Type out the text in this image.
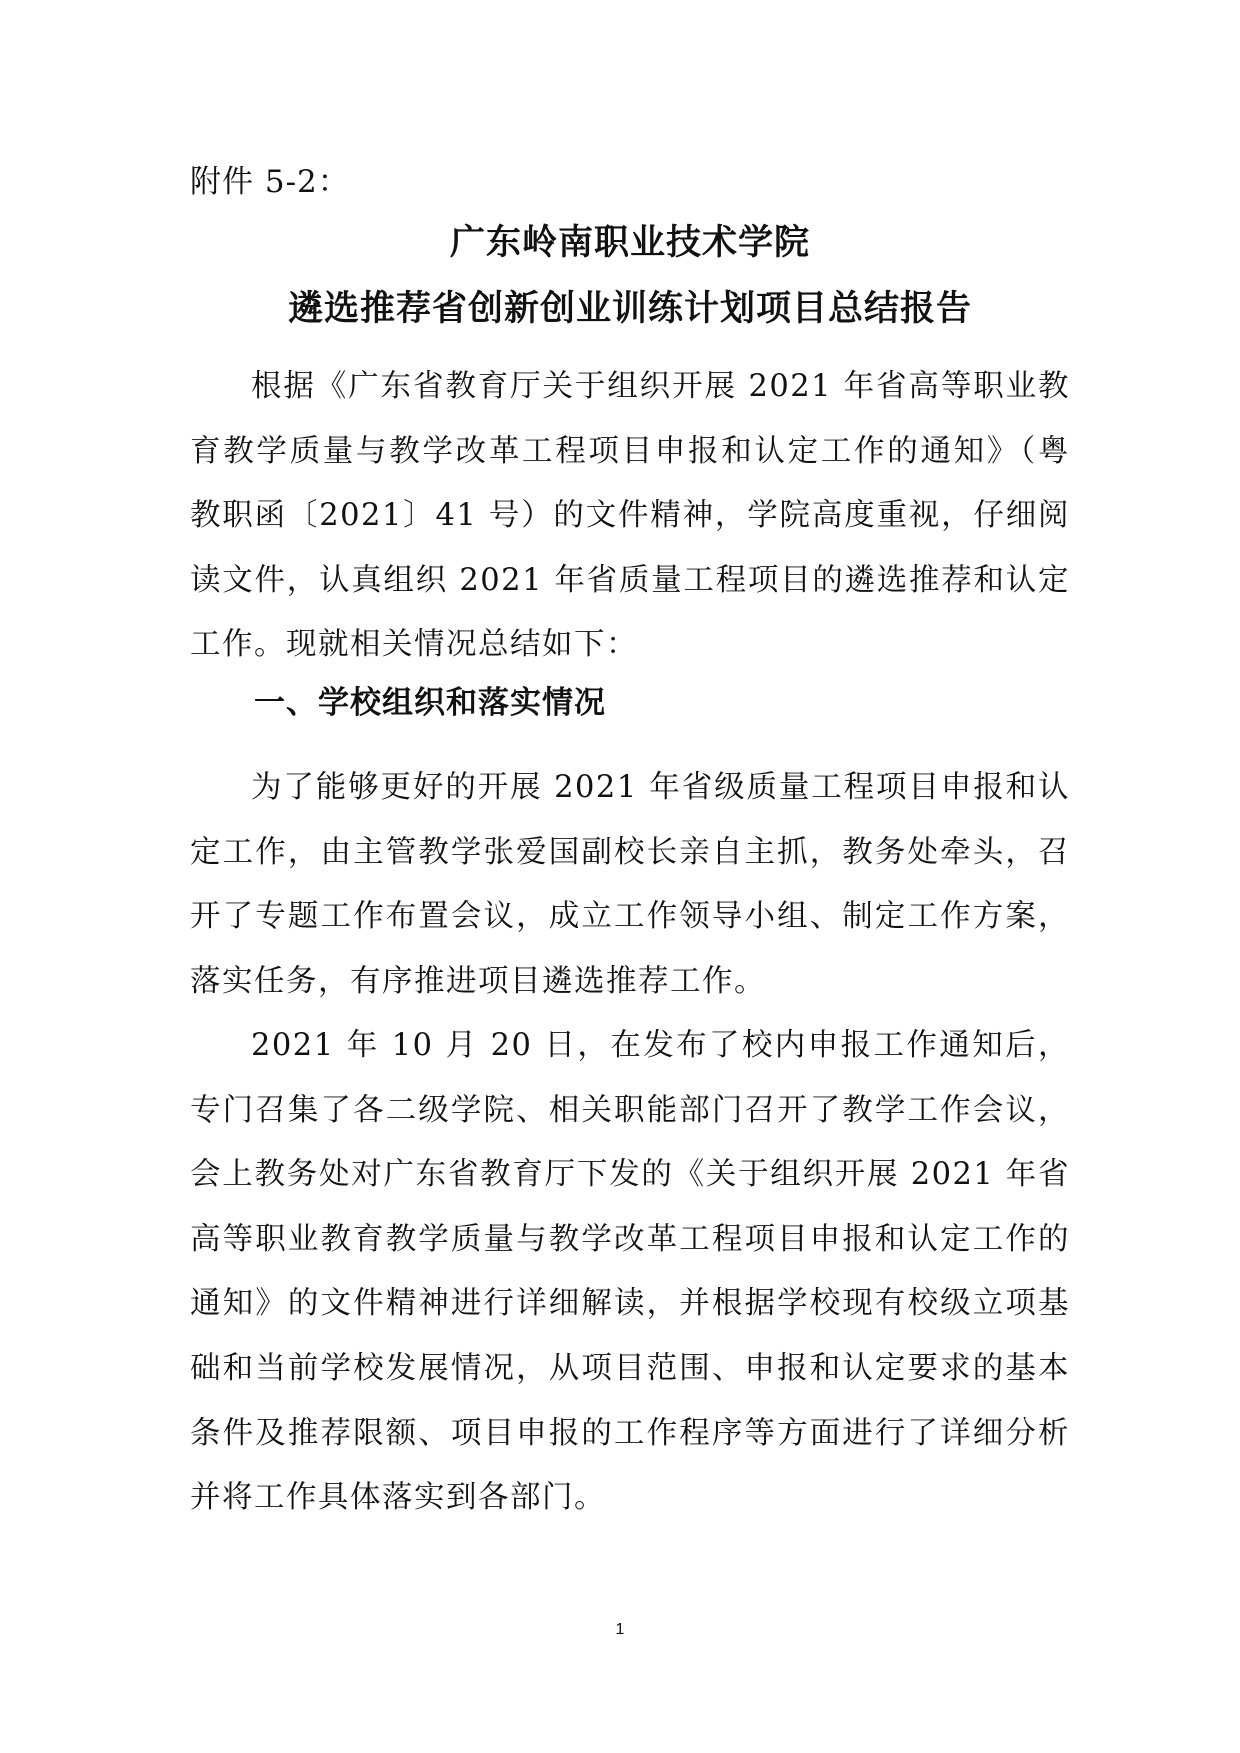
附件 5-2：
广东岭南职业技术学院
遴选推荐省创新创业训练计划项目总结报告

根据《广东省教育厅关于组织开展 2021 年省高等职业教育教学质量与教学改革工程项目申报和认定工作的通知》（粤教职函〔2021〕41 号）的文件精神，学院高度重视，仔细阅读文件，认真组织 2021 年省质量工程项目的遴选推荐和认定工作。现就相关情况总结如下：

一、学校组织和落实情况

为了能够更好的开展 2021 年省级质量工程项目申报和认定工作，由主管教学张爱国副校长亲自主抓，教务处牵头，召开了专题工作布置会议，成立工作领导小组、制定工作方案，落实任务，有序推进项目遴选推荐工作。

2021 年 10 月 20 日，在发布了校内申报工作通知后，专门召集了各二级学院、相关职能部门召开了教学工作会议，会上教务处对广东省教育厅下发的《关于组织开展 2021 年省高等职业教育教学质量与教学改革工程项目申报和认定工作的通知》的文件精神进行详细解读，并根据学校现有校级立项基础和当前学校发展情况，从项目范围、申报和认定要求的基本条件及推荐限额、项目申报的工作程序等方面进行了详细分析并将工作具体落实到各部门。

1
